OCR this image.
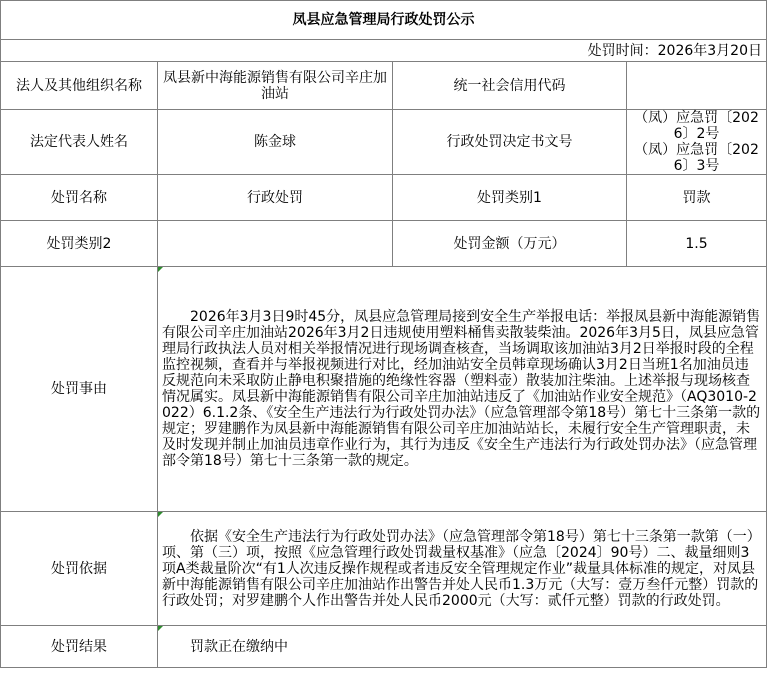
凤县应急管理局行政处罚公示			
处罚时间：2026年3月20日			
法人及其他组织名称	凤县新中海能源销售有限公司辛庄加油站	统一社会信用代码	
法定代表人姓名	陈金球	行政处罚决定书文号	（凤）应急罚〔2026〕2号
（凤）应急罚〔2026〕3号

处罚名称	行政处罚	处罚类别1	罚款
处罚类别2		处罚金额（万元）	1.5
处罚事由	2026年3月3日9时45分，凤县应急管理局接到安全生产举报电话：举报凤县新中海能源销售有限公司辛庄加油站2026年3月2日违规使用塑料桶售卖散装柴油。2026年3月5日，凤县应急管理局行政执法人员对相关举报情况进行现场调查核查，当场调取该加油站3月2日举报时段的全程监控视频，查看并与举报视频进行对比，经加油站安全员韩章现场确认3月2日当班1名加油员违反规范向未采取防止静电积聚措施的绝缘性容器（塑料壶）散装加注柴油。上述举报与现场核查情况属实。凤县新中海能源销售有限公司辛庄加油站违反了《加油站作业安全规范》（AQ3010-2022）6.1.2条、《安全生产违法行为行政处罚办法》（应急管理部令第18号）第七十三条第一款的规定；罗建鹏作为凤县新中海能源销售有限公司辛庄加油站站长，未履行安全生产管理职责，未及时发现并制止加油员违章作业行为，其行为违反《安全生产违法行为行政处罚办法》（应急管理部令第18号）第七十三条第一款的规定。		
处罚依据	依据《安全生产违法行为行政处罚办法》（应急管理部令第18号）第七十三条第一款第（一）项、第（三）项，按照《应急管理行政处罚裁量权基准》（应急〔2024〕90号）二、裁量细则3项A类裁量阶次“有1人次违反操作规程或者违反安全管理规定作业”裁量具体标准的规定，对凤县新中海能源销售有限公司辛庄加油站作出警告并处人民币1.3万元（大写：壹万叁仟元整）罚款的行政处罚；对罗建鹏个人作出警告并处人民币2000元（大写：贰仟元整）罚款的行政处罚。		
处罚结果	罚款正在缴纳中		
